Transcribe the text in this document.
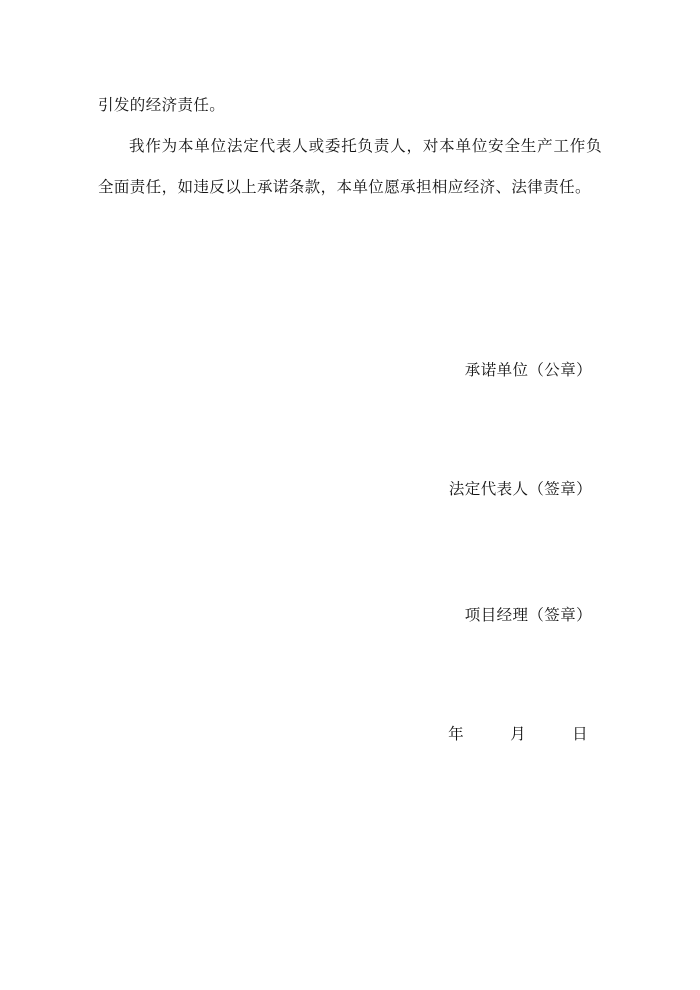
引发的经济责任。

我作为本单位法定代表人或委托负责人，对本单位安全生产工作负全面责任，如违反以上承诺条款，本单位愿承担相应经济、法律责任。

承诺单位（公章）
法定代表人（签章）
项目经理（签章）
年	月	日
